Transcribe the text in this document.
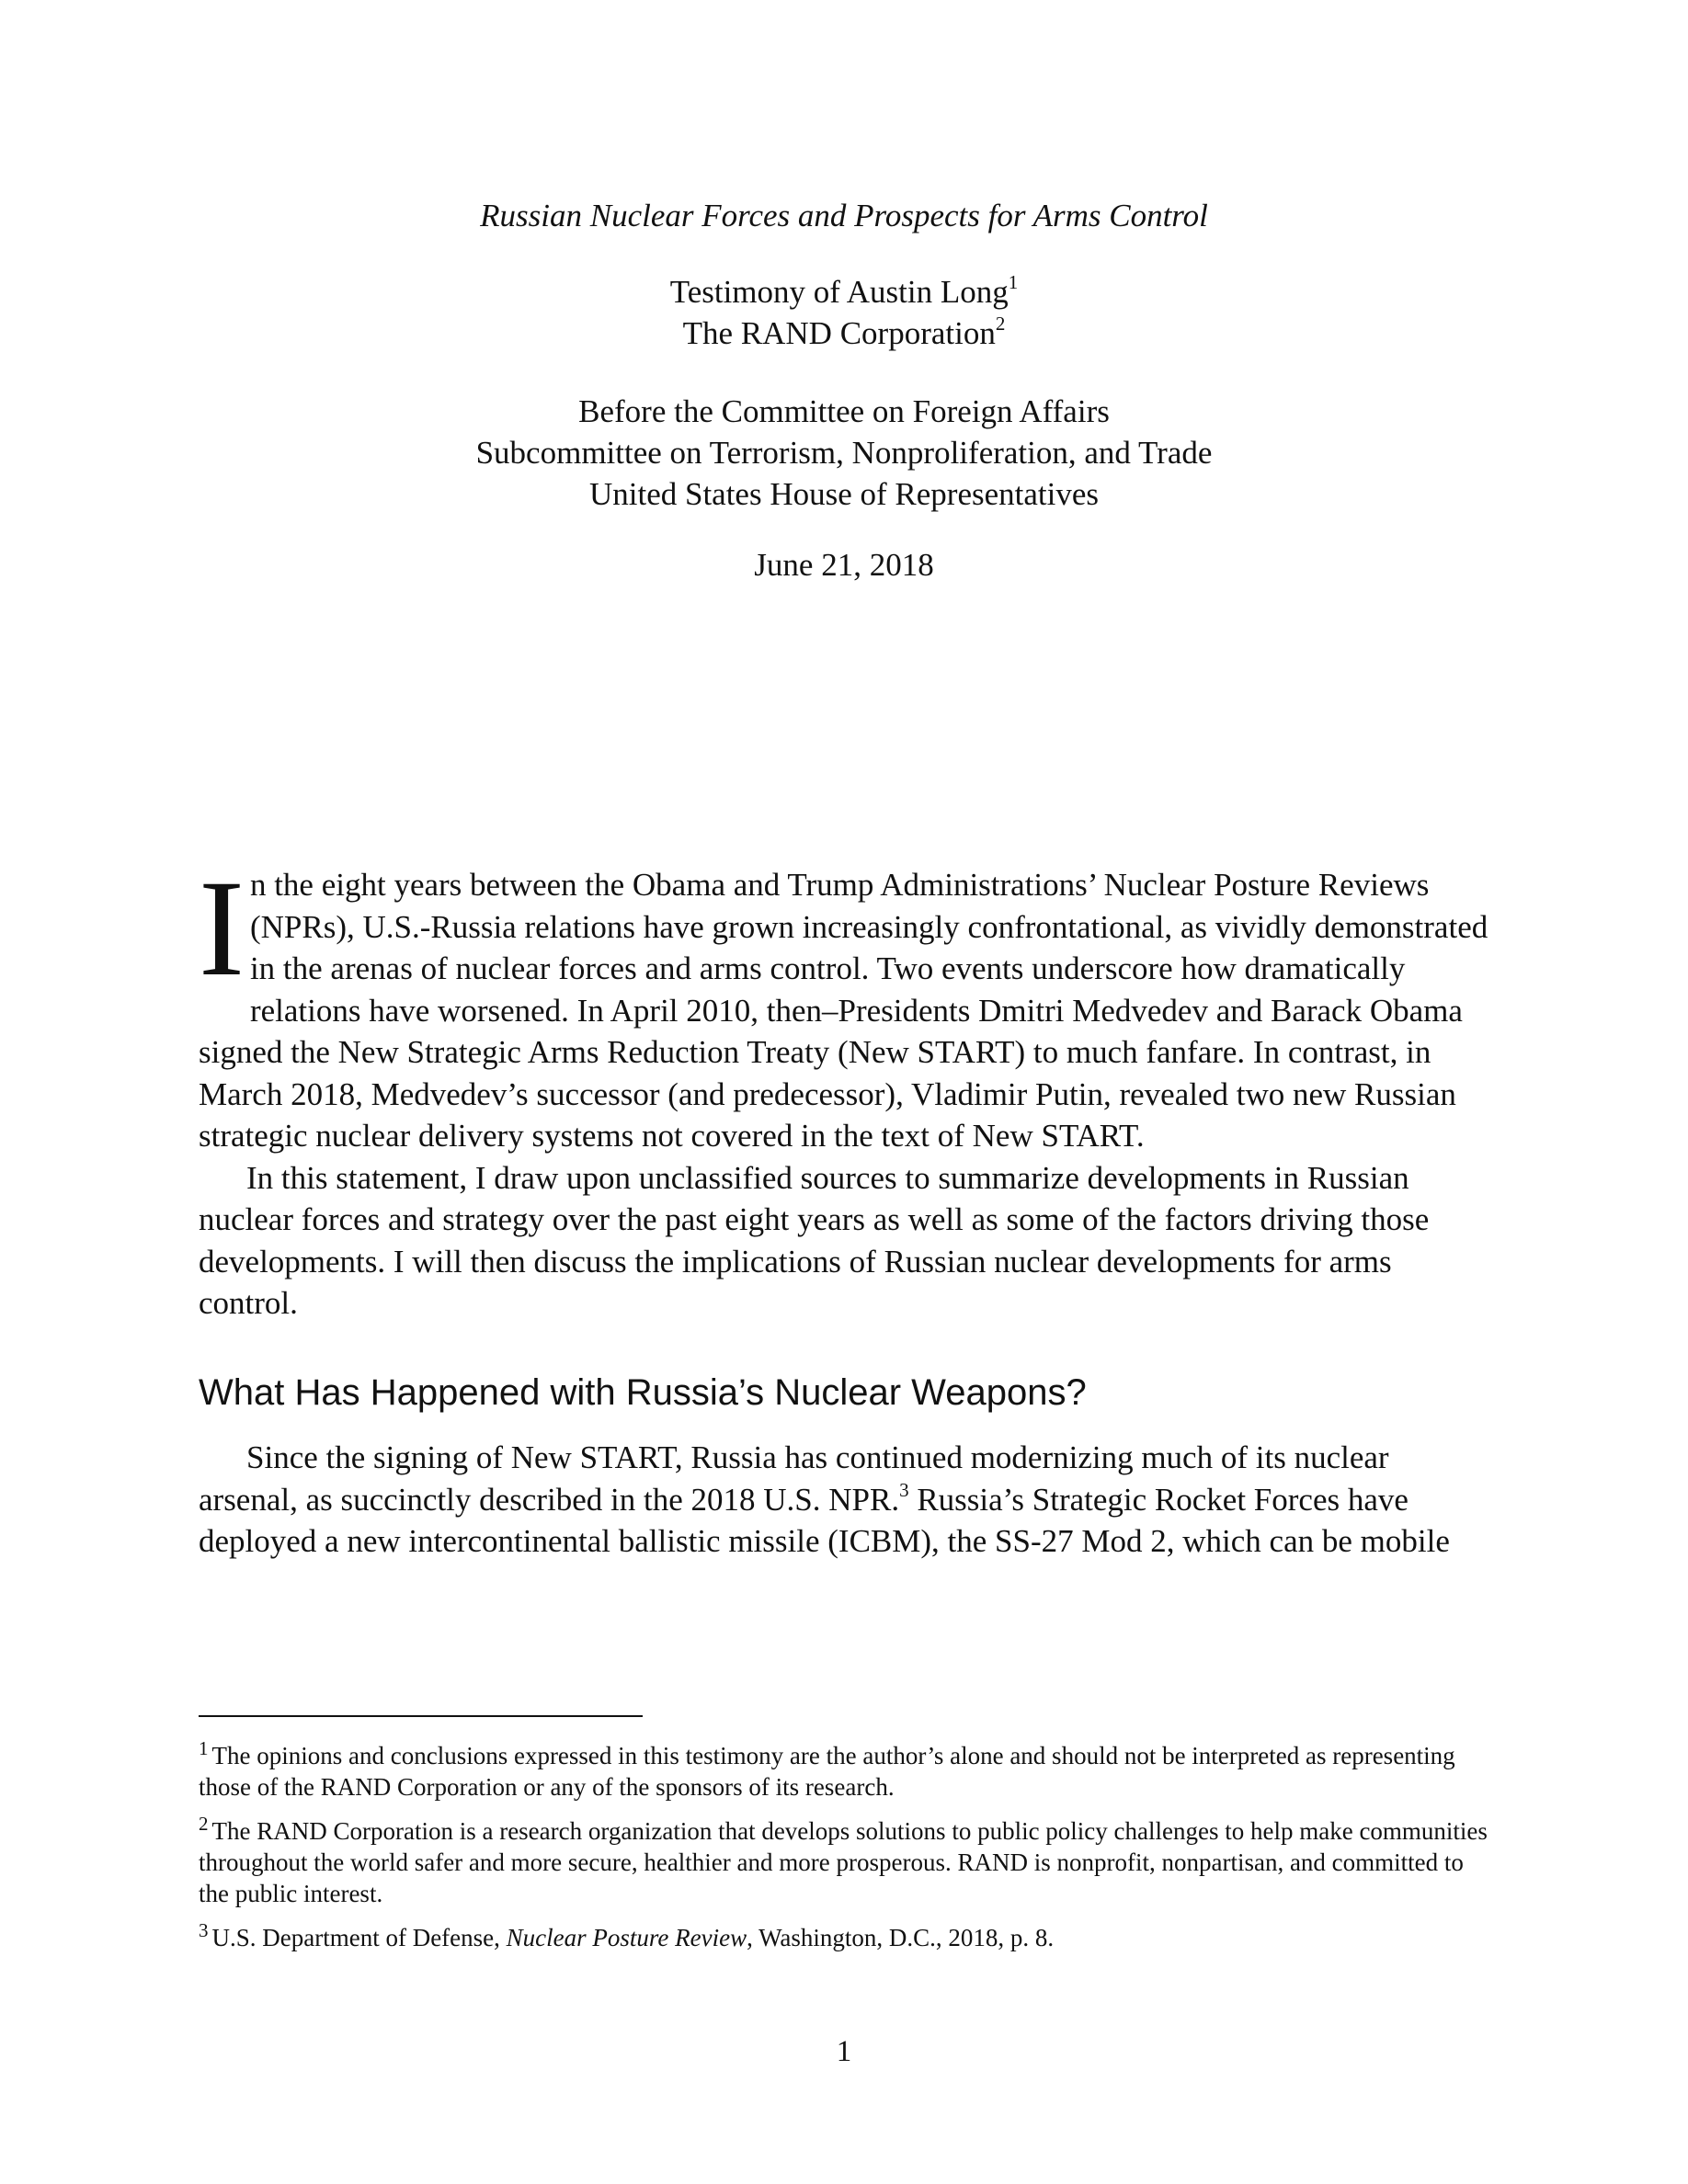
Russian Nuclear Forces and Prospects for Arms Control
Testimony of Austin Long$^1$
The RAND Corporation$^2$
Before the Committee on Foreign Affairs
Subcommittee on Terrorism, Nonproliferation, and Trade
United States House of Representatives
June 21, 2018

In the eight years between the Obama and Trump Administrations’ Nuclear Posture Reviews (NPRs), U.S.-Russia relations have grown increasingly confrontational, as vividly demonstrated in the arenas of nuclear forces and arms control. Two events underscore how dramatically relations have worsened. In April 2010, then–Presidents Dmitri Medvedev and Barack Obama signed the New Strategic Arms Reduction Treaty (New START) to much fanfare. In contrast, in March 2018, Medvedev’s successor (and predecessor), Vladimir Putin, revealed two new Russian strategic nuclear delivery systems not covered in the text of New START.

In this statement, I draw upon unclassified sources to summarize developments in Russian nuclear forces and strategy over the past eight years as well as some of the factors driving those developments. I will then discuss the implications of Russian nuclear developments for arms control.

What Has Happened with Russia’s Nuclear Weapons?

Since the signing of New START, Russia has continued modernizing much of its nuclear arsenal, as succinctly described in the 2018 U.S. NPR.$^3$ Russia’s Strategic Rocket Forces have deployed a new intercontinental ballistic missile (ICBM), the SS-27 Mod 2, which can be mobile

$^1$ The opinions and conclusions expressed in this testimony are the author’s alone and should not be interpreted as representing those of the RAND Corporation or any of the sponsors of its research.

$^2$ The RAND Corporation is a research organization that develops solutions to public policy challenges to help make communities throughout the world safer and more secure, healthier and more prosperous. RAND is nonprofit, nonpartisan, and committed to the public interest.

$^3$ U.S. Department of Defense, Nuclear Posture Review, Washington, D.C., 2018, p. 8.

1
